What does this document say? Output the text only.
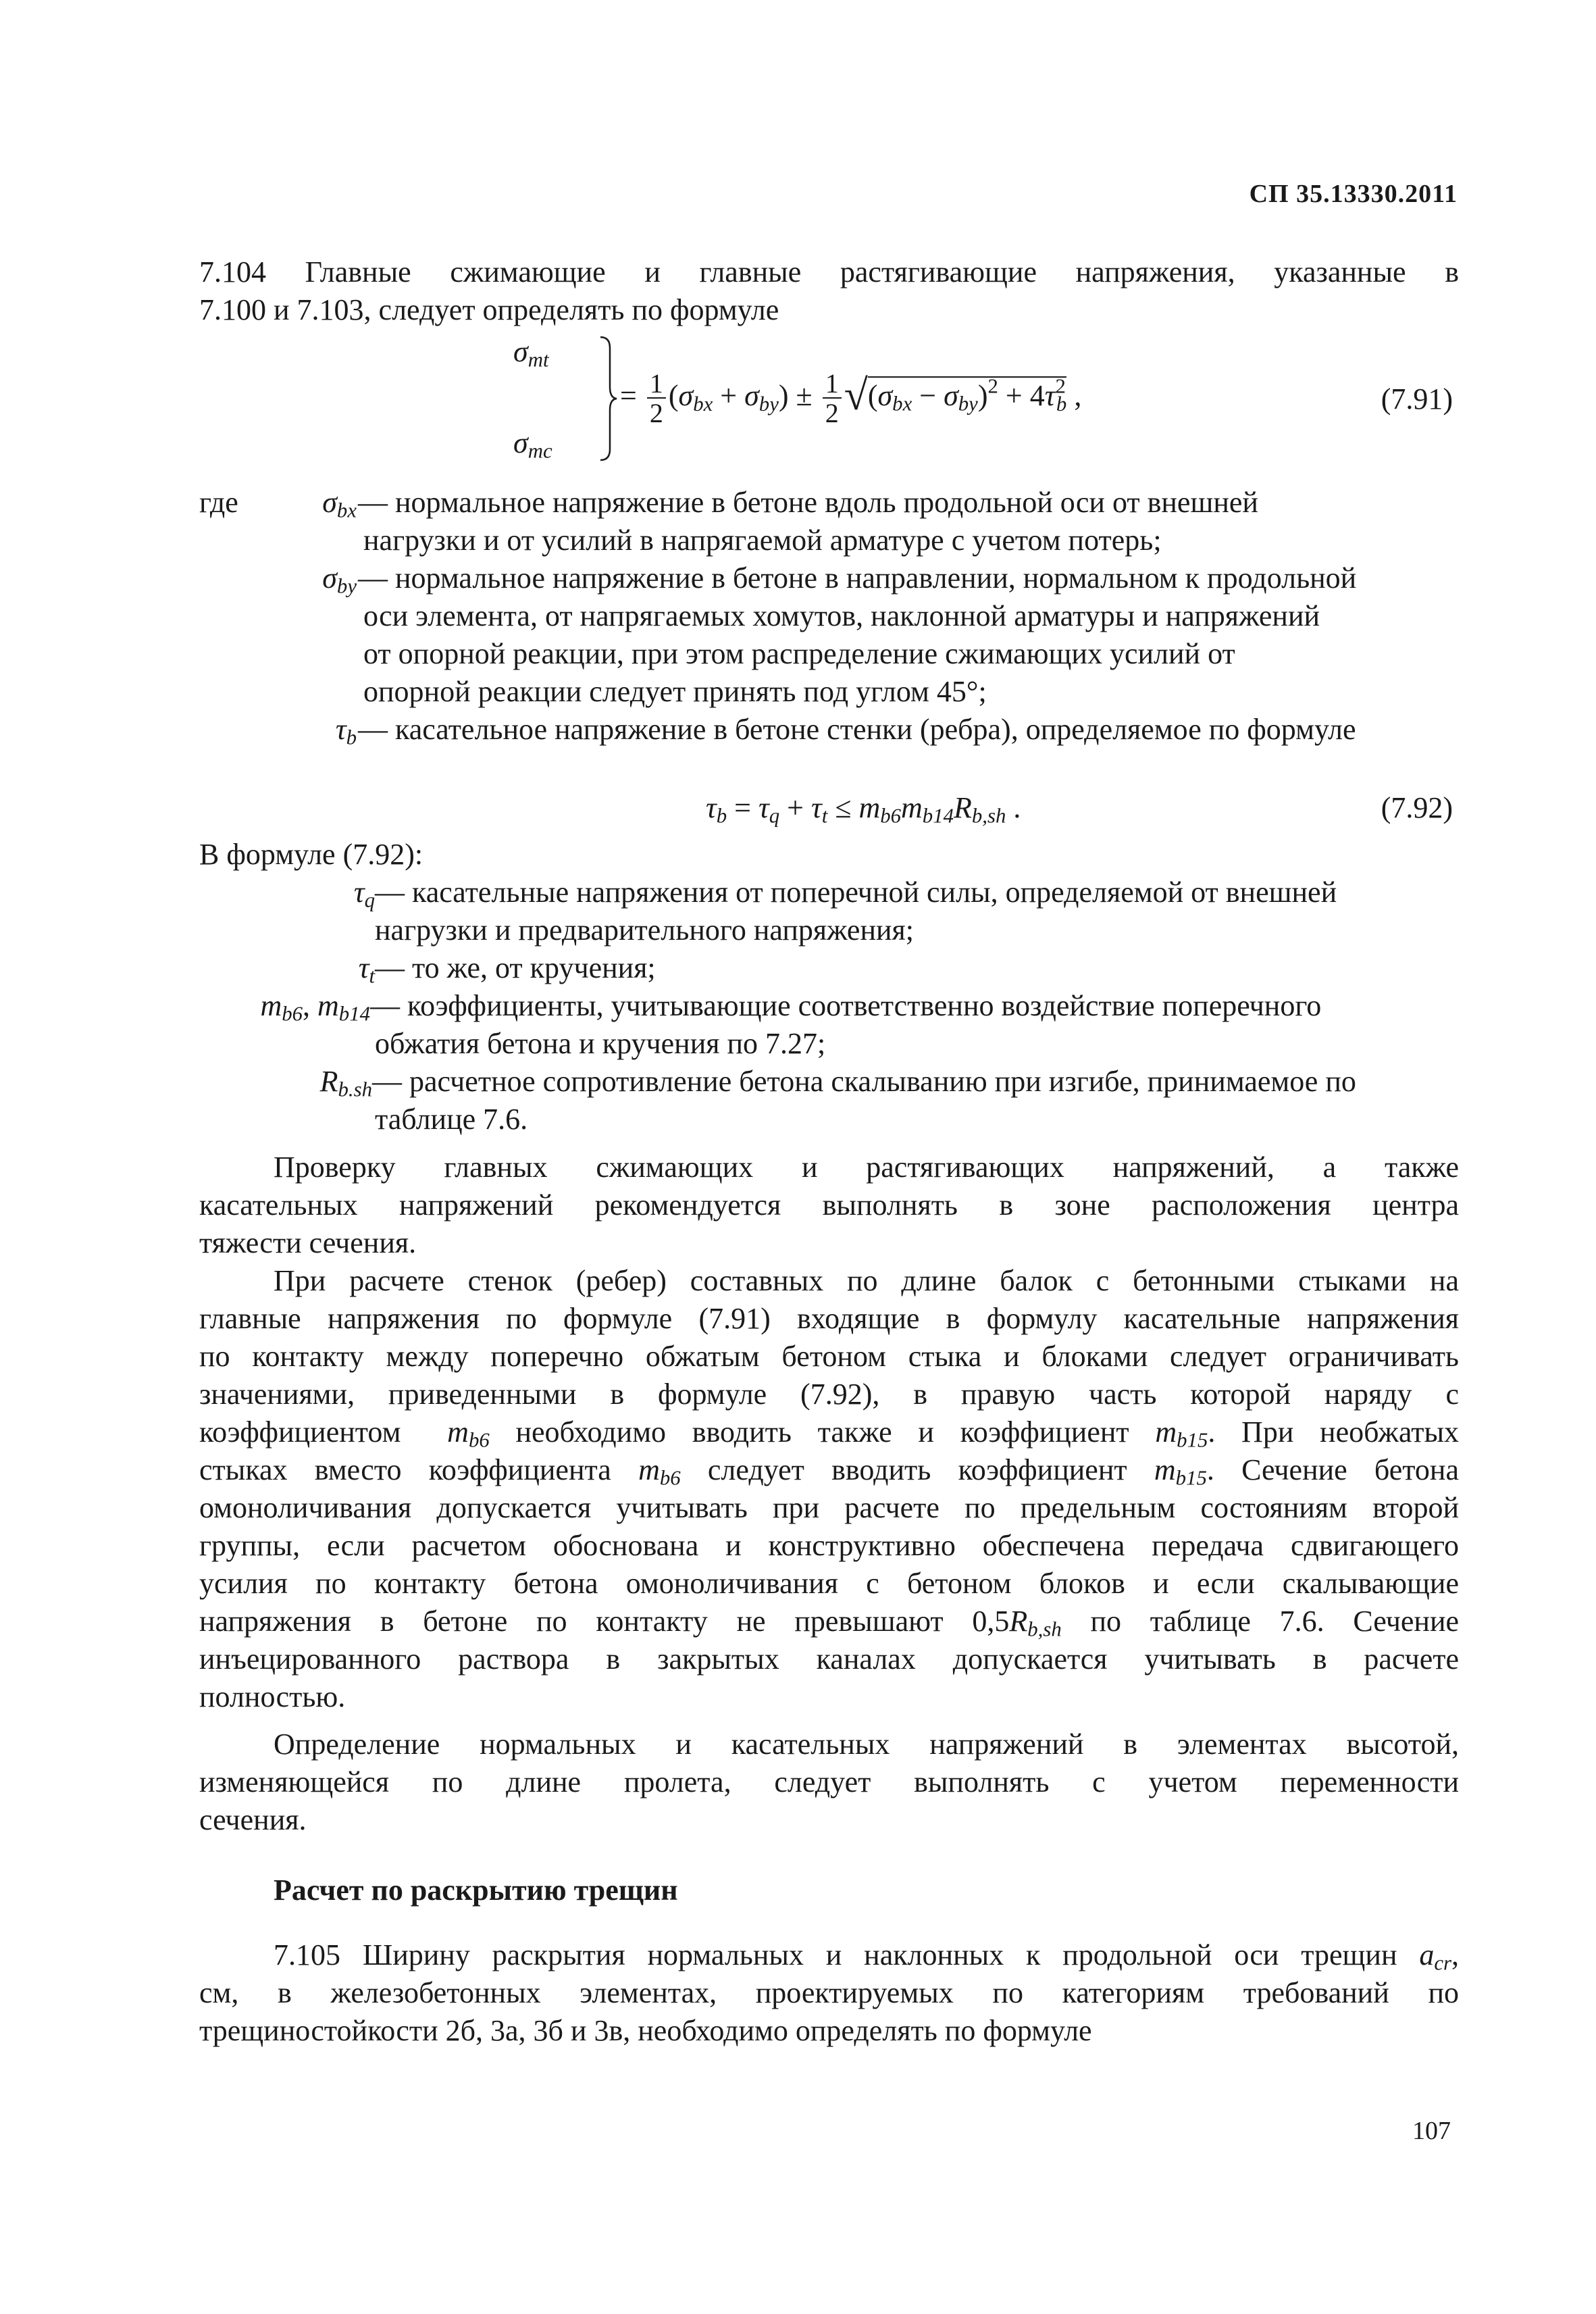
СП 35.13330.2011
7.104 Главные сжимающие и главные растягивающие напряжения, указанные в
7.100 и 7.103, следует определять по формуле
$\sigma_{mt}$
$\sigma_{mc}$
= $\frac{1}{2} (\sigma_{bx} + \sigma_{by}) \pm \frac{1}{2} √(\sigma_{bx} - \sigma_{by})^2 + 4\tau^2_b$ ,	(7.91)
где	$\sigma_{bx}$ — нормальное напряжение в бетоне вдоль продольной оси от внешней
нагрузки и от усилий в напрягаемой арматуре с учетом потерь;
$\sigma_{by}$ — нормальное напряжение в бетоне в направлении, нормальном к продольной
оси элемента, от напрягаемых хомутов, наклонной арматуры и напряжений
от опорной реакции, при этом распределение сжимающих усилий от
опорной реакции следует принять под углом 45°;
$\tau_b$ — касательное напряжение в бетоне стенки (ребра), определяемое по формуле
$\tau_b = \tau_q + \tau_t \le m_{b6}m_{b14}R_{b,sh}$ .	(7.92)
В формуле (7.92):
$\tau_q$ — касательные напряжения от поперечной силы, определяемой от внешней
нагрузки и предварительного напряжения;
$\tau_t$ — то же, от кручения;
$m_{b6}$, $m_{b14}$ — коэффициенты, учитывающие соответственно воздействие поперечного
обжатия бетона и кручения по 7.27;
$R_{b.sh}$ — расчетное сопротивление бетона скалыванию при изгибе, принимаемое по
таблице 7.6.
Проверку главных сжимающих и растягивающих напряжений, а также
касательных напряжений рекомендуется выполнять в зоне расположения центра
тяжести сечения.
При расчете стенок (ребер) составных по длине балок с бетонными стыками на
главные напряжения по формуле (7.91) входящие в формулу касательные напряжения
по контакту между поперечно обжатым бетоном стыка и блоками следует ограничивать
значениями, приведенными в формуле (7.92), в правую часть которой наряду с
коэффициентом $m_{b6}$ необходимо вводить также и коэффициент $m_{b15}$. При необжатых
стыках вместо коэффициента $m_{b6}$ следует вводить коэффициент $m_{b15}$. Сечение бетона
омоноличивания допускается учитывать при расчете по предельным состояниям второй
группы, если расчетом обоснована и конструктивно обеспечена передача сдвигающего
усилия по контакту бетона омоноличивания с бетоном блоков и если скалывающие
напряжения в бетоне по контакту не превышают $0,5R_{b,sh}$ по таблице 7.6. Сечение
инъецированного раствора в закрытых каналах допускается учитывать в расчете
полностью.
Определение нормальных и касательных напряжений в элементах высотой,
изменяющейся по длине пролета, следует выполнять с учетом переменности
сечения.
Расчет по раскрытию трещин
7.105 Ширину раскрытия нормальных и наклонных к продольной оси трещин $a_{cr}$,
см, в железобетонных элементах, проектируемых по категориям требований по
трещиностойкости 2б, 3а, 3б и 3в, необходимо определять по формуле
107
